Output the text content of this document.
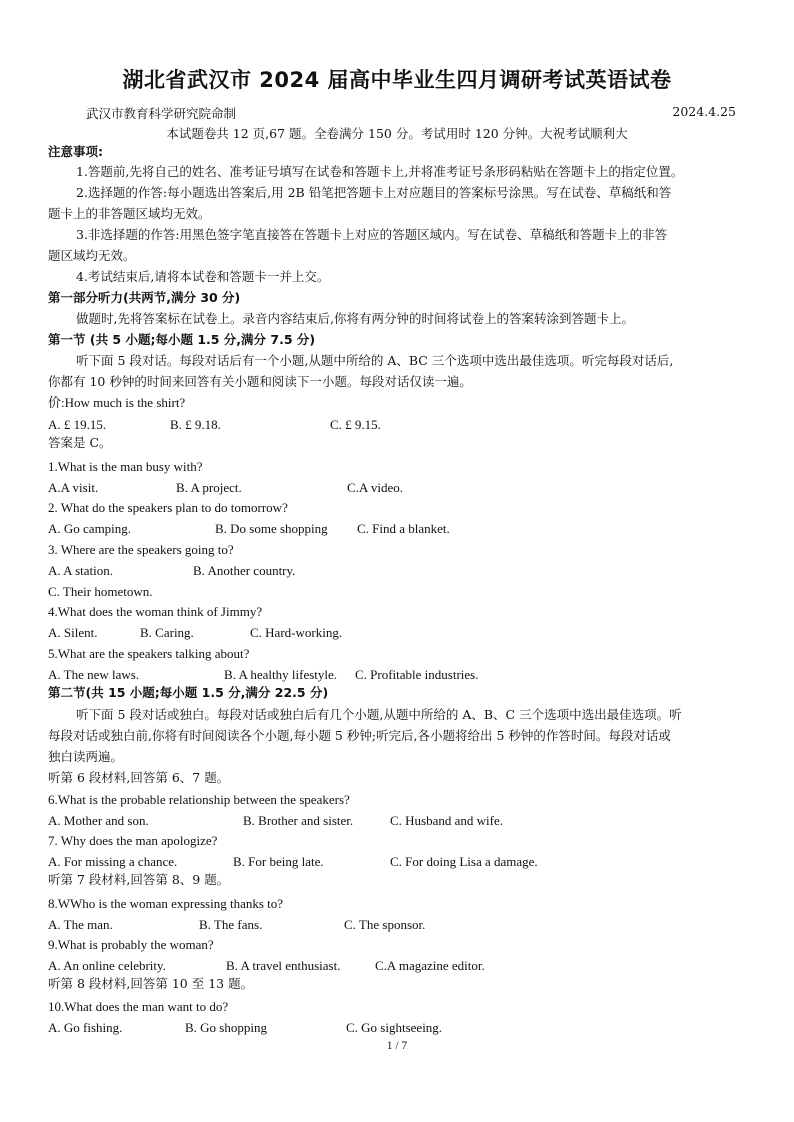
湖北省武汉市 2024 届高中毕业生四月调研考试英语试卷
武汉市教育科学研究院命制	2024.4.25
本试题卷共 12 页,67 题。全卷满分 150 分。考试用时 120 分钟。大祝考试顺利大
注意事项:
1.答题前,先将自己的姓名、准考证号填写在试卷和答题卡上,并将准考证号条形码粘贴在答题卡上的指定位置。
2.选择题的作答:每小题选出答案后,用 2B 铅笔把答题卡上对应题目的答案标号涂黑。写在试卷、草稿纸和答
题卡上的非答题区域均无效。
3.非选择题的作答:用黑色签字笔直接答在答题卡上对应的答题区域内。写在试卷、草稿纸和答题卡上的非答
题区域均无效。
4.考试结束后,请将本试卷和答题卡一并上交。
第一部分听力(共两节,满分 30 分)
做题时,先将答案标在试卷上。录音内容结束后,你将有两分钟的时间将试卷上的答案转涂到答题卡上。
第一节 (共 5 小题;每小题 1.5 分,满分 7.5 分)
听下面 5 段对话。每段对话后有一个小题,从题中所给的 A、BC 三个选项中选出最佳选项。听完每段对话后,
你都有 10 秒钟的时间来回答有关小题和阅读下一小题。每段对话仅读一遍。
价:How much is the shirt?
A. £ 19.15.	B. £ 9.18.	C. £ 9.15.
答案是 C。
1.What is the man busy with?
A.A visit.	B. A project.	C.A video.
2. What do the speakers plan to do tomorrow?
A. Go camping.	B. Do some shopping C. Find a blanket.
3. Where are the speakers going to?
A. A station.	B. Another country.
C. Their hometown.
4.What does the woman think of Jimmy?
A. Silent.	B. Caring.	C. Hard-working.
5.What are the speakers talking about?
A. The new laws.	B. A healthy lifestyle. C. Profitable industries.
第二节(共 15 小题;每小题 1.5 分,满分 22.5 分)
听下面 5 段对话或独白。每段对话或独白后有几个小题,从题中所给的 A、B、C 三个选项中选出最佳选项。听
每段对话或独白前,你将有时间阅读各个小题,每小题 5 秒钟;听完后,各小题将给出 5 秒钟的作答时间。每段对话或
独白读两遍。
听第 6 段材料,回答第 6、7 题。
6.What is the probable relationship between the speakers?
A. Mother and son.	B. Brother and sister.	C. Husband and wife.
7. Why does the man apologize?
A. For missing a chance.	B. For being late.	C. For doing Lisa a damage.
听第 7 段材料,回答第 8、9 题。
8.WWho is the woman expressing thanks to?
A. The man.	B. The fans.	C. The sponsor.
9.What is probably the woman?
A. An online celebrity.	B. A travel enthusiast.	C.A magazine editor.
听第 8 段材料,回答第 10 至 13 题。
10.What does the man want to do?
A. Go fishing.	B. Go shopping	C. Go sightseeing.
1 / 7
